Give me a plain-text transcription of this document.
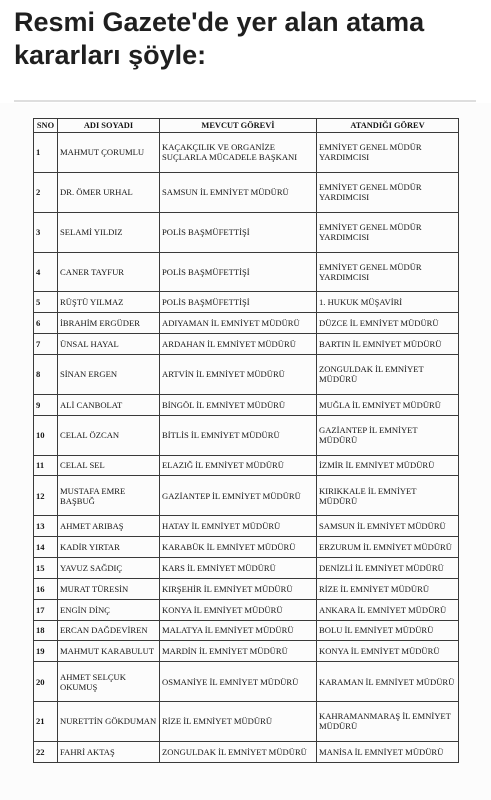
Resmi Gazete'de yer alan atama kararları şöyle:
SNO	ADI SOYADI	MEVCUT GÖREVİ	ATANDIĞI GÖREV
1	MAHMUT ÇORUMLU	KAÇAKÇILIK VE ORGANİZE SUÇLARLA MÜCADELE BAŞKANI	EMNİYET GENEL MÜDÜR YARDIMCISI
2	DR. ÖMER URHAL	SAMSUN İL EMNİYET MÜDÜRÜ	EMNİYET GENEL MÜDÜR YARDIMCISI
3	SELAMİ YILDIZ	POLİS BAŞMÜFETTİŞİ	EMNİYET GENEL MÜDÜR YARDIMCISI
4	CANER TAYFUR	POLİS BAŞMÜFETTİŞİ	EMNİYET GENEL MÜDÜR YARDIMCISI
5	RÜŞTÜ YILMAZ	POLİS BAŞMÜFETTİŞİ	1. HUKUK MÜŞAVİRİ
6	İBRAHİM ERGÜDER	ADIYAMAN İL EMNİYET MÜDÜRÜ	DÜZCE İL EMNİYET MÜDÜRÜ
7	ÜNSAL HAYAL	ARDAHAN İL EMNİYET MÜDÜRÜ	BARTIN İL EMNİYET MÜDÜRÜ
8	SİNAN ERGEN	ARTVİN İL EMNİYET MÜDÜRÜ	ZONGULDAK İL EMNİYET MÜDÜRÜ
9	ALİ CANBOLAT	BİNGÖL İL EMNİYET MÜDÜRÜ	MUĞLA İL EMNİYET MÜDÜRÜ
10	CELAL ÖZCAN	BİTLİS İL EMNİYET MÜDÜRÜ	GAZİANTEP İL EMNİYET MÜDÜRÜ
11	CELAL SEL	ELAZIĞ İL EMNİYET MÜDÜRÜ	İZMİR İL EMNİYET MÜDÜRÜ
12	MUSTAFA EMRE BAŞBUĞ	GAZİANTEP İL EMNİYET MÜDÜRÜ	KIRIKKALE İL EMNİYET MÜDÜRÜ
13	AHMET ARIBAŞ	HATAY İL EMNİYET MÜDÜRÜ	SAMSUN İL EMNİYET MÜDÜRÜ
14	KADİR YIRTAR	KARABÜK İL EMNİYET MÜDÜRÜ	ERZURUM İL EMNİYET MÜDÜRÜ
15	YAVUZ SAĞDIÇ	KARS İL EMNİYET MÜDÜRÜ	DENİZLİ İL EMNİYET MÜDÜRÜ
16	MURAT TÜRESİN	KIRŞEHİR İL EMNİYET MÜDÜRÜ	RİZE İL EMNİYET MÜDÜRÜ
17	ENGİN DİNÇ	KONYA İL EMNİYET MÜDÜRÜ	ANKARA İL EMNİYET MÜDÜRÜ
18	ERCAN DAĞDEVİREN	MALATYA İL EMNİYET MÜDÜRÜ	BOLU İL EMNİYET MÜDÜRÜ
19	MAHMUT KARABULUT	MARDİN İL EMNİYET MÜDÜRÜ	KONYA İL EMNİYET MÜDÜRÜ
20	AHMET SELÇUK OKUMUŞ	OSMANİYE İL EMNİYET MÜDÜRÜ	KARAMAN İL EMNİYET MÜDÜRÜ
21	NURETTİN GÖKDUMAN	RİZE İL EMNİYET MÜDÜRÜ	KAHRAMANMARAŞ İL EMNİYET MÜDÜRÜ
22	FAHRİ AKTAŞ	ZONGULDAK İL EMNİYET MÜDÜRÜ	MANİSA İL EMNİYET MÜDÜRÜ
